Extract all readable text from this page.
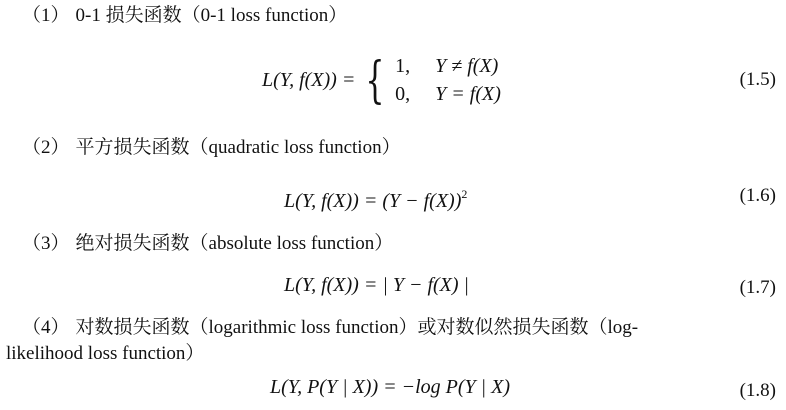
（1） 0-1 损失函数（0-1 loss function）
L(Y, f(X)) = { 1,	Y ≠ f(X)
0,	Y = f(X)
(1.5)
（2） 平方损失函数（quadratic loss function）
L(Y, $f(X)) = (Y - f(X))^2$	(1.6)
（3） 绝对损失函数（absolute loss function）
L(Y, f(X)) = | Y − f(X) |	(1.7)
（4） 对数损失函数（logarithmic loss function）或对数似然损失函数（log-
likelihood loss function）
L(Y, P(Y | X)) = −log P(Y | X)	(1.8)
